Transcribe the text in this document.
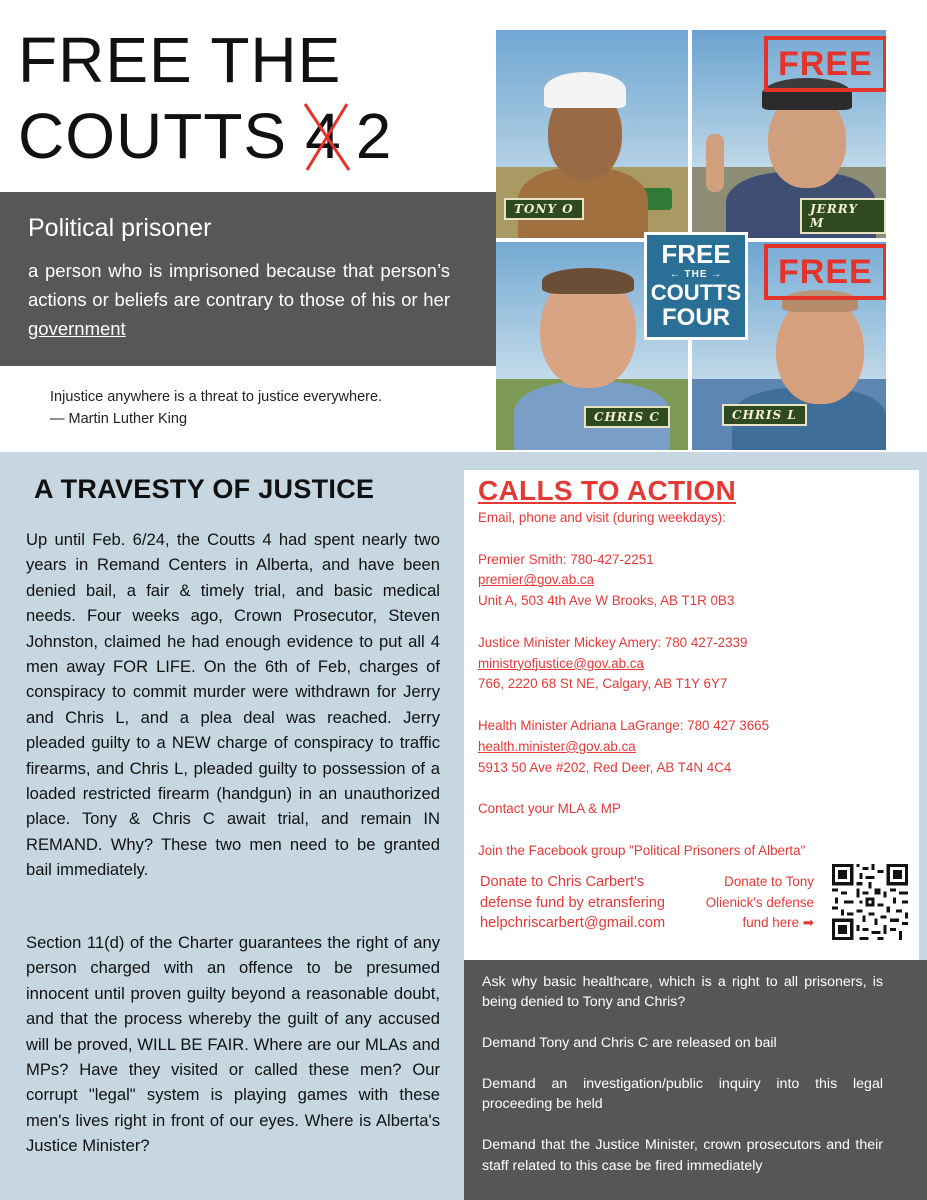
FREE THE
COUTTS 4 2
Political prisoner
a person who is imprisoned because that person’s actions or beliefs are contrary to those of his or her government
Injustice anywhere is a threat to justice everywhere.
— Martin Luther King
TONY O
FREE
JERRY M
CHRIS C
FREE
CHRIS L
FREE
← THE →
COUTTS
FOUR
A TRAVESTY OF JUSTICE
Up until Feb. 6/24, the Coutts 4 had spent nearly two years in Remand Centers in Alberta, and have been denied bail, a fair & timely trial, and basic medical needs. Four weeks ago, Crown Prosecutor, Steven Johnston, claimed he had enough evidence to put all 4 men away FOR LIFE. On the 6th of Feb, charges of conspiracy to commit murder were withdrawn for Jerry and Chris L, and a plea deal was reached. Jerry pleaded guilty to a NEW charge of conspiracy to traffic firearms, and Chris L, pleaded guilty to possession of a loaded restricted firearm (handgun) in an unauthorized place. Tony & Chris C await trial, and remain IN REMAND. Why? These two men need to be granted bail immediately.
Section 11(d) of the Charter guarantees the right of any person charged with an offence to be presumed innocent until proven guilty beyond a reasonable doubt, and that the process whereby the guilt of any accused will be proved, WILL BE FAIR. Where are our MLAs and MPs? Have they visited or called these men? Our corrupt "legal" system is playing games with these men's lives right in front of our eyes. Where is Alberta's Justice Minister?
CALLS TO ACTION
Email, phone and visit (during weekdays):
Premier Smith: 780-427-2251
premier@gov.ab.ca
Unit A, 503 4th Ave W Brooks, AB T1R 0B3
Justice Minister Mickey Amery: 780 427-2339
ministryofjustice@gov.ab.ca
766, 2220 68 St NE, Calgary, AB T1Y 6Y7
Health Minister Adriana LaGrange: 780 427 3665
health.minister@gov.ab.ca
5913 50 Ave #202, Red Deer, AB T4N 4C4
Contact your MLA & MP
Join the Facebook group "Political Prisoners of Alberta"
Donate to Chris Carbert's defense fund by etransfering helpchriscarbert@gmail.com
Donate to Tony Olienick's defense fund here ➡
Ask why basic healthcare, which is a right to all prisoners, is being denied to Tony and Chris?
Demand Tony and Chris C are released on bail
Demand an investigation/public inquiry into this legal proceeding be held
Demand that the Justice Minister, crown prosecutors and their staff related to this case be fired immediately
